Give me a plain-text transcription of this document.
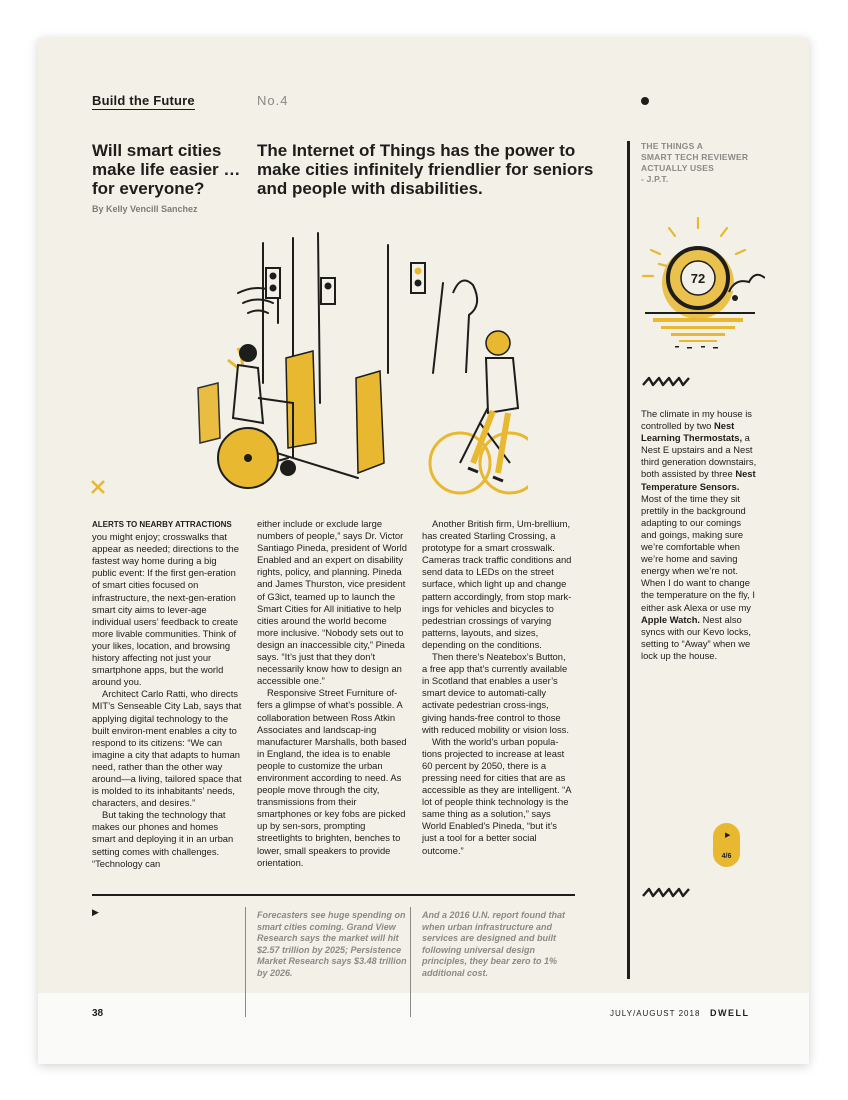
Build the Future	No.4
Will smart cities make life easier … for everyone?
The Internet of Things has the power to make cities infinitely friendlier for seniors and people with disabilities.
By Kelly Vencill Sanchez
THE THINGS A
SMART TECH REVIEWER
ACTUALLY USES
- J.P.T.
72
The climate in my house is controlled by two Nest Learning Thermostats, a Nest E upstairs and a Nest third generation downstairs, both assisted by three Nest Temperature Sensors. Most of the time they sit prettily in the background adapting to our comings and goings, making sure we’re comfortable when we’re home and saving energy when we’re not. When I do want to change the temperature on the fly, I either ask Alexa or use my Apple Watch. Nest also syncs with our Kevo locks, setting to “Away” when we lock up the house.
▶
4/6

ALERTS TO NEARBY ATTRACTIONS you might enjoy; crosswalks that appear as needed; directions to the fastest way home during a big public event: If the first gen-eration of smart cities focused on infrastructure, the next-gen-eration smart city aims to lever-age individual users’ feedback to create more livable communities. Think of your likes, location, and browsing history affecting not just your smartphone apps, but the world around you.

Architect Carlo Ratti, who directs MIT’s Senseable City Lab, says that applying digital technology to the built environ-ment enables a city to respond to its citizens: “We can imagine a city that adapts to human need, rather than the other way around—a living, tailored space that is molded to its inhabitants’ needs, characters, and desires.”

But taking the technology that makes our phones and homes smart and deploying it in an urban setting comes with challenges. “Technology can

either include or exclude large numbers of people,” says Dr. Victor Santiago Pineda, president of World Enabled and an expert on disability rights, policy, and planning. Pineda and James Thurston, vice president of G3ict, teamed up to launch the Smart Cities for All initiative to help cities around the world become more inclusive. “Nobody sets out to design an inaccessible city,” Pineda says. “It’s just that they don’t necessarily know how to design an accessible one.”

Responsive Street Furniture of-fers a glimpse of what’s possible. A collaboration between Ross Atkin Associates and landscap-ing manufacturer Marshalls, both based in England, the idea is to enable people to customize the urban environment according to need. As people move through the city, transmissions from their smartphones or key fobs are picked up by sen-sors, prompting streetlights to brighten, benches to lower, small speakers to provide orientation.

Another British firm, Um-brellium, has created Starling Crossing, a prototype for a smart crosswalk. Cameras track traffic conditions and send data to LEDs on the street surface, which light up and change pattern accordingly, from stop mark-ings for vehicles and bicycles to pedestrian crossings of varying patterns, layouts, and sizes, depending on the conditions.

Then there’s Neatebox’s Button, a free app that’s currently available in Scotland that enables a user’s smart device to automati-cally activate pedestrian cross-ings, giving hands-free control to those with reduced mobility or vision loss.

With the world’s urban popula-tions projected to increase at least 60 percent by 2050, there is a pressing need for cities that are as accessible as they are intelligent. “A lot of people think technology is the same thing as a solution,” says World Enabled’s Pineda, “but it’s just a tool for a better social outcome.”

▶	Forecasters see huge spending on smart cities coming. Grand View Research says the market will hit $2.57 trillion by 2025; Persistence Market Research says $3.48 trillion by 2026.
And a 2016 U.N. report found that when urban infrastructure and services are designed and built following universal design principles, they bear zero to 1% additional cost.
38	JULY/AUGUST 2018 DWELL
